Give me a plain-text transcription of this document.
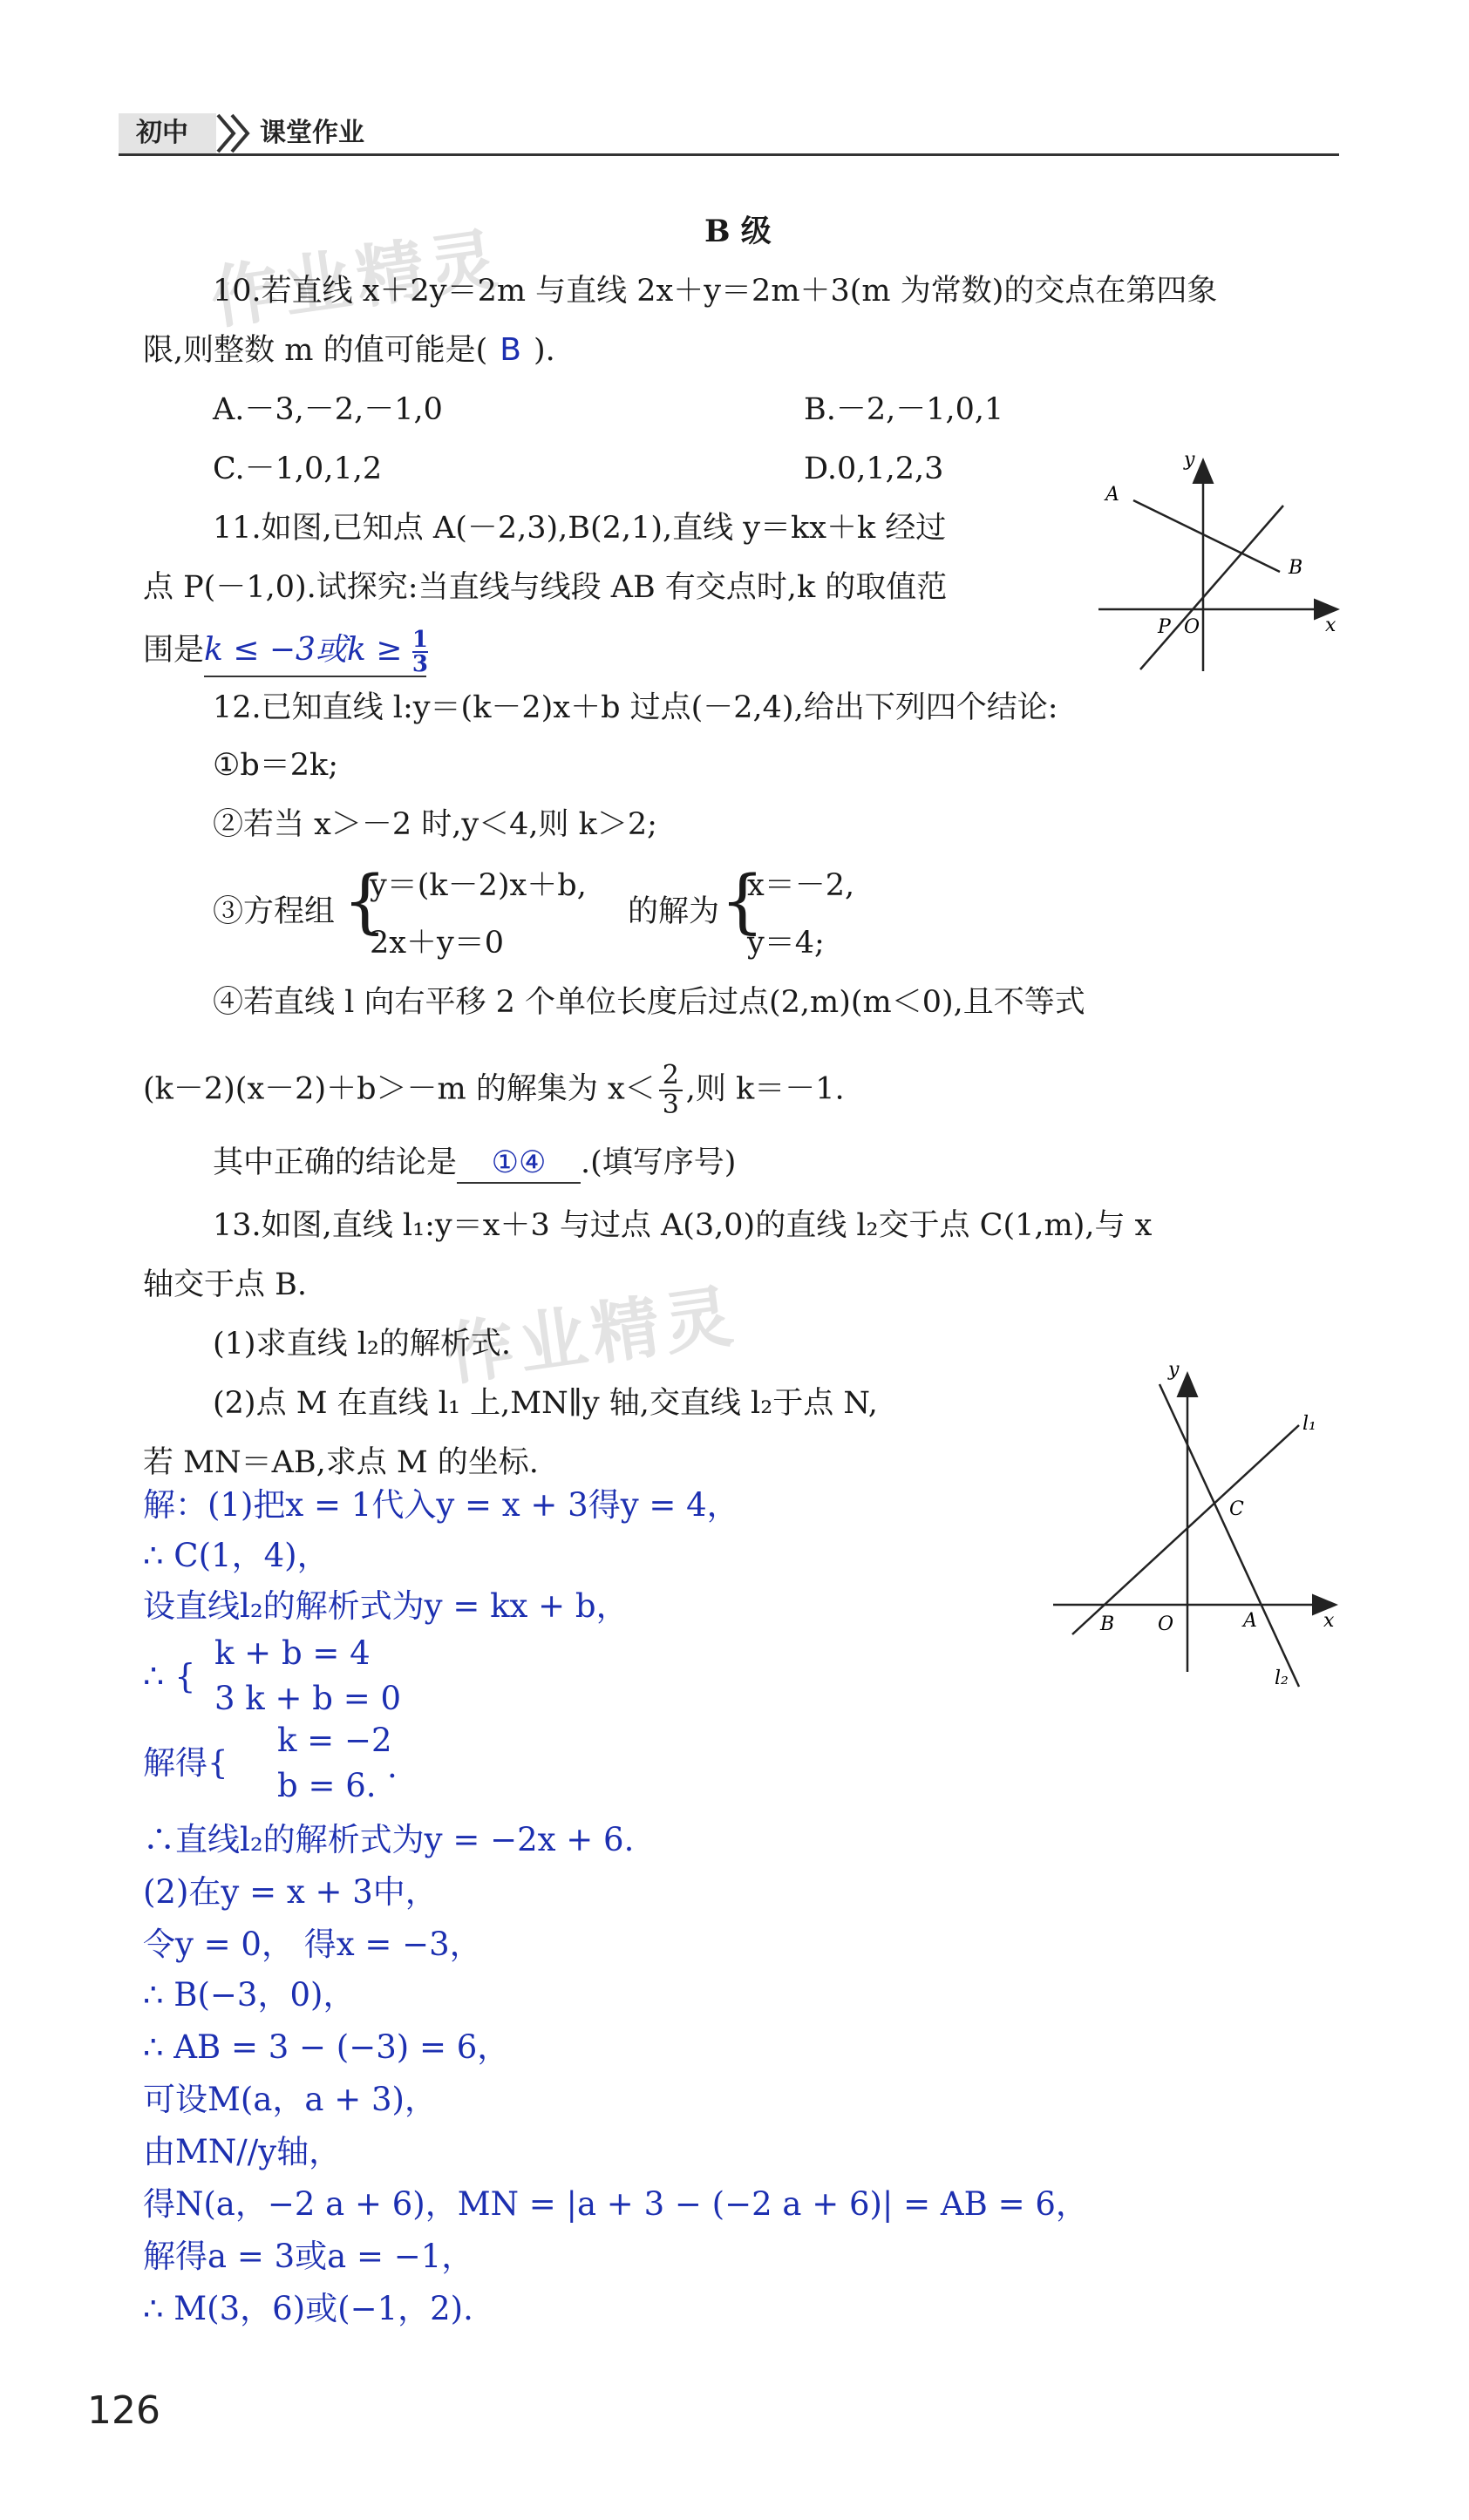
初中	课堂作业
作业精灵
作业精灵
B 级
10.若直线 x＋2y＝2m 与直线 2x＋y＝2m＋3(m 为常数)的交点在第四象
限,则整数 m 的值可能是( B ).
A.－3,－2,－1,0	B.－2,－1,0,1
C.－1,0,1,2	D.0,1,2,3
11.如图,已知点 A(－2,3),B(2,1),直线 y＝kx＋k 经过
点 P(－1,0).试探究:当直线与线段 AB 有交点时,k 的取值范
围是k ≤ −3或$k \ge \frac{1}{3}$
A
B
P O	x
y
12.已知直线 l:y＝(k－2)x＋b 过点(－2,4),给出下列四个结论:
①b＝2k;
②若当 x＞－2 时,y＜4,则 k＞2;
③方程组 {
y＝(k－2)x＋b,
2x＋y＝0
的解为 {
x＝－2,
y＝4;
④若直线 l 向右平移 2 个单位长度后过点(2,m)(m＜0),且不等式
(k－2)(x－2)＋b＞－m 的解集为 $x< \frac{2}{3}$ ,则 k＝－1.
其中正确的结论是 ①④ .(填写序号)
13.如图,直线 l₁:y＝x＋3 与过点 A(3,0)的直线 l₂交于点 C(1,m),与 x
轴交于点 B.
(1)求直线 l₂的解析式.
(2)点 M 在直线 l₁ 上,MN∥y 轴,交直线 l₂于点 N,
若 MN＝AB,求点 M 的坐标.
y
x
l₁
l₂
C
B O	A
解：(1)把x = 1代入y = x + 3得y = 4，
∴ C(1，4)，
设直线l₂的解析式为y = kx + b，
∴ {
k + b = 4
3 k + b = 0
解得{
k = −2
b = 6.
.
∴直线l₂的解析式为y = −2x + 6.
(2)在y = x + 3中，
令y = 0， 得x = −3，
∴ B(−3，0)，
∴ AB = 3 − (−3) = 6，
可设M(a，a + 3)，
由MN//y轴，
得N(a，−2 a + 6)，MN = |a + 3 − (−2 a + 6)| = AB = 6，
解得a = 3或a = −1，
∴ M(3，6)或(−1，2).
126
